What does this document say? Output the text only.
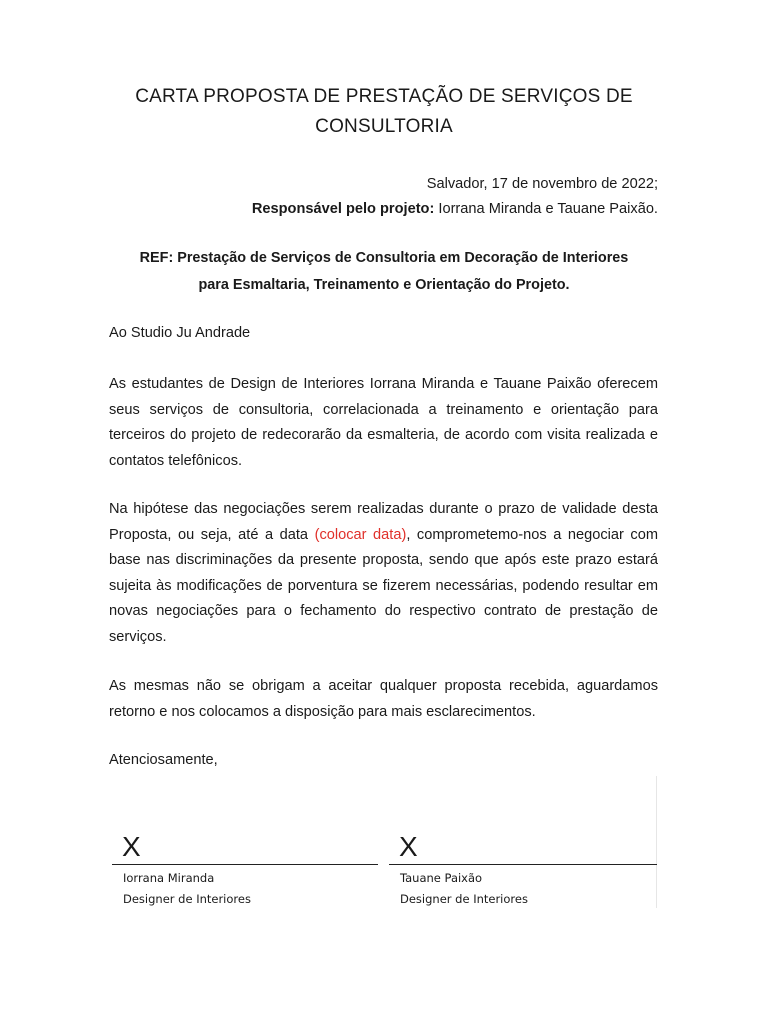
CARTA PROPOSTA DE PRESTAÇÃO DE SERVIÇOS DE
CONSULTORIA
Salvador, 17 de novembro de 2022;
Responsável pelo projeto: Iorrana Miranda e Tauane Paixão.
REF: Prestação de Serviços de Consultoria em Decoração de Interiores
para Esmaltaria, Treinamento e Orientação do Projeto.
Ao Studio Ju Andrade
As estudantes de Design de Interiores Iorrana Miranda e Tauane Paixão oferecem seus serviços de consultoria, correlacionada a treinamento e orientação para terceiros do projeto de redecorarão da esmalteria, de acordo com visita realizada e contatos telefônicos.
Na hipótese das negociações serem realizadas durante o prazo de validade desta Proposta, ou seja, até a data (colocar data), comprometemo-nos a negociar com base nas discriminações da presente proposta, sendo que após este prazo estará sujeita às modificações de porventura se fizerem necessárias, podendo resultar em novas negociações para o fechamento do respectivo contrato de prestação de serviços.
As mesmas não se obrigam a aceitar qualquer proposta recebida, aguardamos retorno e nos colocamos a disposição para mais esclarecimentos.
Atenciosamente,
X	X
Iorrana Miranda
Designer de Interiores
Tauane Paixão
Designer de Interiores
